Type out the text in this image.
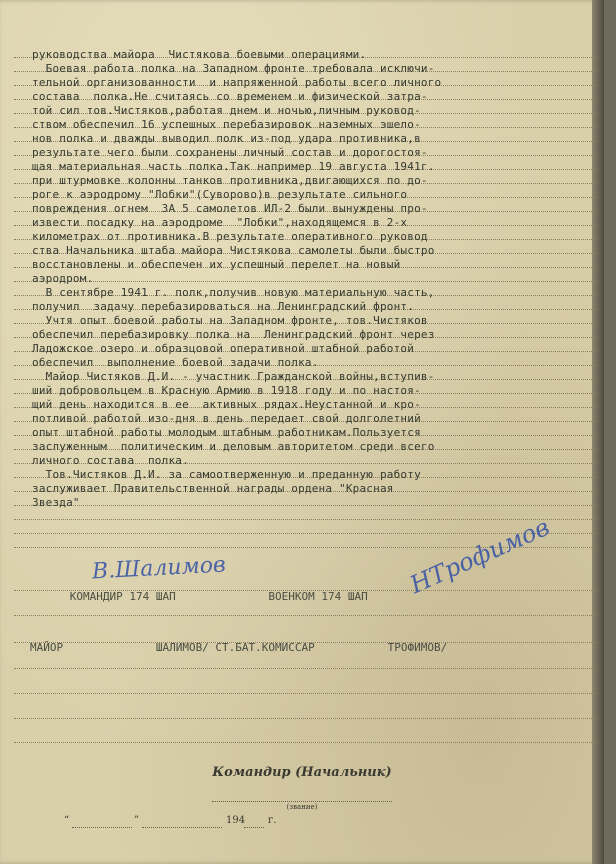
руководства майора  Чистякова боевыми операциями.
Боевая работа полка на Западном фронте требовала исключи-
тельной организованности  и напряженной работы всего личного
состава  полка.Не считаясь со временем и физической затра-
той сил тов.Чистяков,работая днем и ночью,личным руковод-
ством обеспечил 16 успешных перебазировок наземных эшело-
нов полка и дважды выводил полк из-под удара противника,в
результате чего были сохранены личный состав и дорогостоя-
щая материальная часть полка.Так например 19 августа 1941г.
при штурмовке колонны танков противника,двигающихся по до-
роге к аэродрому "Лобки"(Суворово)в результате сильного
повреждения огнем  ЗА 5 самолетов ИЛ-2 были вынуждены про-
извести посадку на аэродроме  "Лобки",находящемся в 2-х
километрах от противника.В результате оперативного руковод
ства Начальника штаба майора Чистякова самолеты были быстро
восстановлены и обеспечен их успешный перелет на новый
аэродром.
В сентябре 1941 г. полк,получив новую материальную часть,
получил  задачу перебазироваться на Ленинградский фронт.
Учтя опыт боевой работы на Западном фронте, тов.Чистяков
обеспечил перебазировку полка на  Ленинградский фронт через
Ладожское озеро и образцовой оперативной штабной работой
обеспечил  выполнение боевой задачи полка.
Майор Чистяков Д.И. - участник Гражданской войны,вступив-
ший добровольцем в Красную Армию в 1918 году и по настоя-
щий день находится в ее  активных рядах.Неустанной и кро-
потливой работой изо-дня в день передает свой долголетний
опыт штабной работы молодым штабным работникам.Пользуется
заслуженным  политическим и деловым авторитетом среди всего
личного состава  полка.
Тов.Чистяков Д.И. за самоотверженную и преданную работу
заслуживает Правительственной награды ордена "Красная
Звезда"

КОМАНДИР 174 ШАП              ВОЕНКОМ 174 ШАП

МАЙОР              ШАЛИМОВ/ СТ.БАТ.КОМИССАР           ТРОФИМОВ/

В.Шалимов	НТрофимов

Командир (Начальник)

(звание)

“	”	194 г.
